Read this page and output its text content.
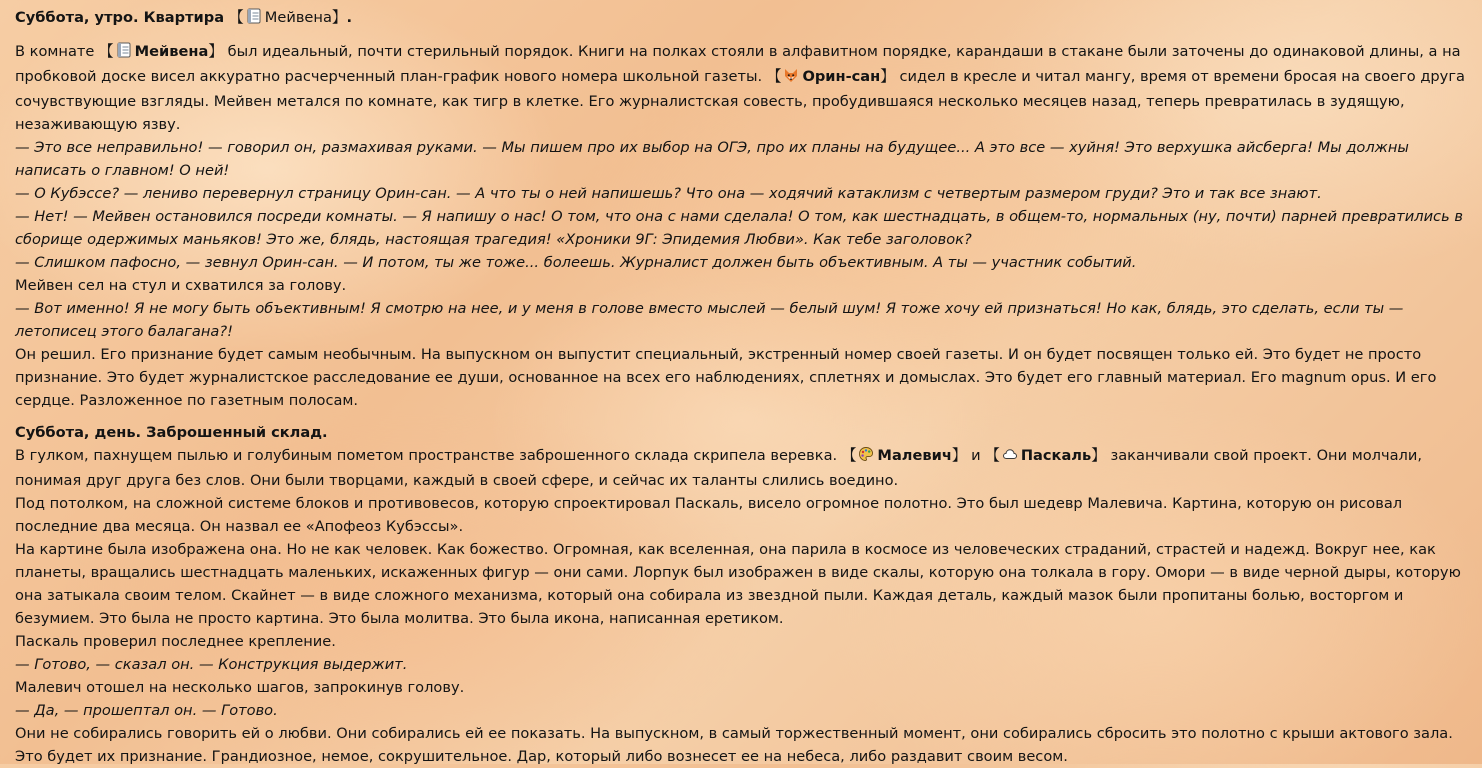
Суббота, утро. Квартира 【 Мейвена】.

В комнате 【 Мейвена】 был идеальный, почти стерильный порядок. Книги на полках стояли в алфавитном порядке, карандаши в стакане были заточены до одинаковой длины, а на пробковой доске висел аккуратно расчерченный план-график нового номера школьной газеты. 【 Орин-сан】 сидел в кресле и читал мангу, время от времени бросая на своего друга сочувствующие взгляды. Мейвен метался по комнате, как тигр в клетке. Его журналистская совесть, пробудившаяся несколько месяцев назад, теперь превратилась в зудящую, незаживающую язву.

— Это все неправильно! — говорил он, размахивая руками. — Мы пишем про их выбор на ОГЭ, про их планы на будущее... А это все — хуйня! Это верхушка айсберга! Мы должны написать о главном! О ней!

— О Кубэссе? — лениво перевернул страницу Орин-сан. — А что ты о ней напишешь? Что она — ходячий катаклизм с четвертым размером груди? Это и так все знают.

— Нет! — Мейвен остановился посреди комнаты. — Я напишу о нас! О том, что она с нами сделала! О том, как шестнадцать, в общем-то, нормальных (ну, почти) парней превратились в сборище одержимых маньяков! Это же, блядь, настоящая трагедия! «Хроники 9Г: Эпидемия Любви». Как тебе заголовок?

— Слишком пафосно, — зевнул Орин-сан. — И потом, ты же тоже... болеешь. Журналист должен быть объективным. А ты — участник событий.

Мейвен сел на стул и схватился за голову.

— Вот именно! Я не могу быть объективным! Я смотрю на нее, и у меня в голове вместо мыслей — белый шум! Я тоже хочу ей признаться! Но как, блядь, это сделать, если ты — летописец этого балагана?!

Он решил. Его признание будет самым необычным. На выпускном он выпустит специальный, экстренный номер своей газеты. И он будет посвящен только ей. Это будет не просто признание. Это будет журналистское расследование ее души, основанное на всех его наблюдениях, сплетнях и домыслах. Это будет его главный материал. Его magnum opus. И его сердце. Разложенное по газетным полосам.

Суббота, день. Заброшенный склад.

В гулком, пахнущем пылью и голубиным пометом пространстве заброшенного склада скрипела веревка. 【 Малевич】 и 【 Паскаль】 заканчивали свой проект. Они молчали, понимая друг друга без слов. Они были творцами, каждый в своей сфере, и сейчас их таланты слились воедино.

Под потолком, на сложной системе блоков и противовесов, которую спроектировал Паскаль, висело огромное полотно. Это был шедевр Малевича. Картина, которую он рисовал последние два месяца. Он назвал ее «Апофеоз Кубэссы».

На картине была изображена она. Но не как человек. Как божество. Огромная, как вселенная, она парила в космосе из человеческих страданий, страстей и надежд. Вокруг нее, как планеты, вращались шестнадцать маленьких, искаженных фигур — они сами. Лорпук был изображен в виде скалы, которую она толкала в гору. Омори — в виде черной дыры, которую она затыкала своим телом. Скайнет — в виде сложного механизма, который она собирала из звездной пыли. Каждая деталь, каждый мазок были пропитаны болью, восторгом и безумием. Это была не просто картина. Это была молитва. Это была икона, написанная еретиком.

Паскаль проверил последнее крепление.

— Готово, — сказал он. — Конструкция выдержит.

Малевич отошел на несколько шагов, запрокинув голову.

— Да, — прошептал он. — Готово.

Они не собирались говорить ей о любви. Они собирались ей ее показать. На выпускном, в самый торжественный момент, они собирались сбросить это полотно с крыши актового зала. Это будет их признание. Грандиозное, немое, сокрушительное. Дар, который либо вознесет ее на небеса, либо раздавит своим весом.
